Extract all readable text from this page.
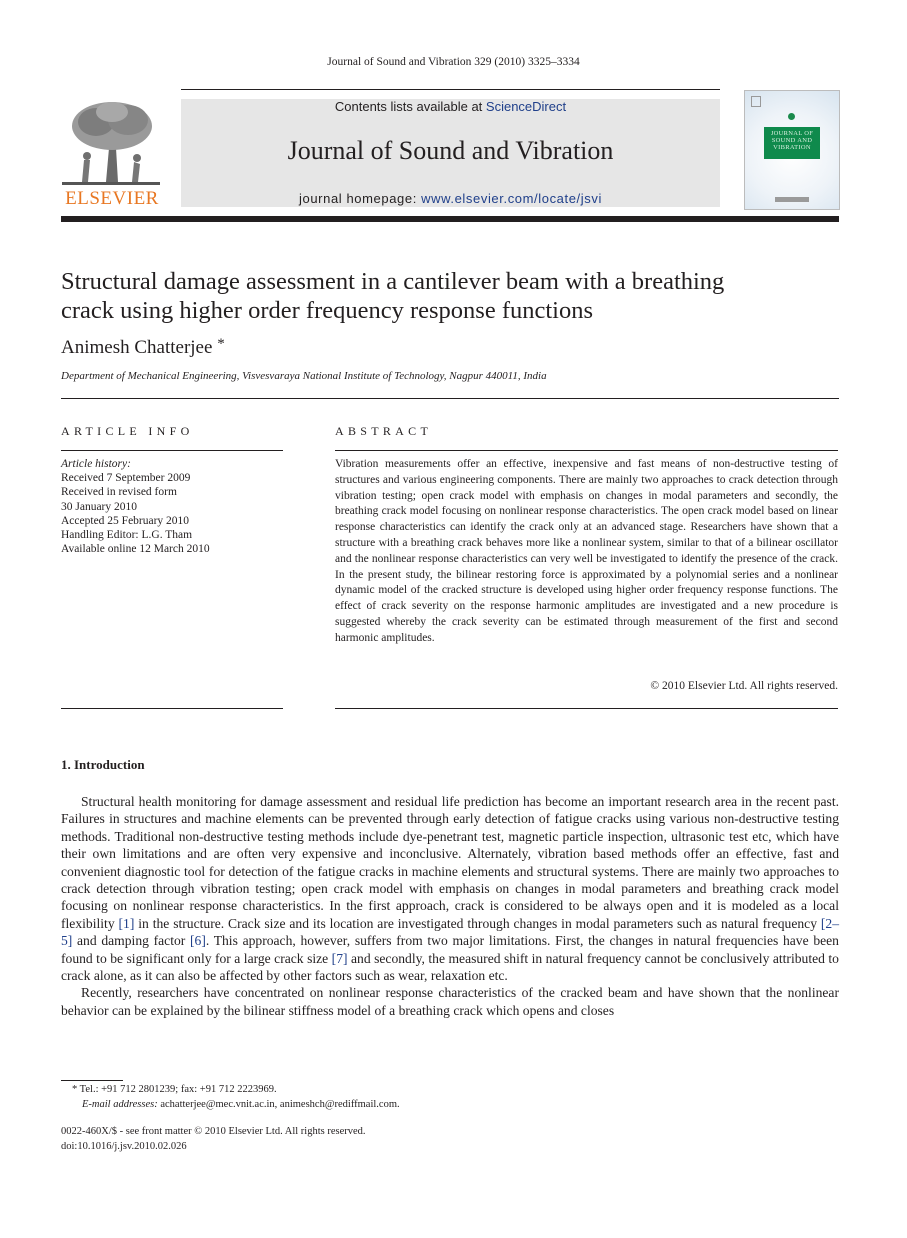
Journal of Sound and Vibration 329 (2010) 3325–3334
ELSEVIER
Contents lists available at ScienceDirect
Journal of Sound and Vibration
journal homepage: www.elsevier.com/locate/jsvi
JOURNAL OF SOUND AND VIBRATION
Structural damage assessment in a cantilever beam with a breathing
crack using higher order frequency response functions
Animesh Chatterjee *
Department of Mechanical Engineering, Visvesvaraya National Institute of Technology, Nagpur 440011, India
ARTICLE INFO
Article history:
Received 7 September 2009
Received in revised form
30 January 2010
Accepted 25 February 2010
Handling Editor: L.G. Tham
Available online 12 March 2010
ABSTRACT
Vibration measurements offer an effective, inexpensive and fast means of non-destructive testing of structures and various engineering components. There are mainly two approaches to crack detection through vibration testing; open crack model with emphasis on changes in modal parameters and secondly, the breathing crack model focusing on nonlinear response characteristics. The open crack model based on linear response characteristics can identify the crack only at an advanced stage. Researchers have shown that a structure with a breathing crack behaves more like a nonlinear system, similar to that of a bilinear oscillator and the nonlinear response characteristics can very well be investigated to identify the presence of the crack. In the present study, the bilinear restoring force is approximated by a polynomial series and a nonlinear dynamic model of the cracked structure is developed using higher order frequency response functions. The effect of crack severity on the response harmonic amplitudes are investigated and a new procedure is suggested whereby the crack severity can be estimated through measurement of the first and second harmonic amplitudes.
© 2010 Elsevier Ltd. All rights reserved.
1. Introduction

Structural health monitoring for damage assessment and residual life prediction has become an important research area in the recent past. Failures in structures and machine elements can be prevented through early detection of fatigue cracks using various non-destructive testing methods. Traditional non-destructive testing methods include dye-penetrant test, magnetic particle inspection, ultrasonic test etc, which have their own limitations and are often very expensive and inconclusive. Alternately, vibration based methods offer an effective, fast and convenient diagnostic tool for detection of the fatigue cracks in machine elements and structural systems. There are mainly two approaches to crack detection through vibration testing; open crack model with emphasis on changes in modal parameters and breathing crack model focusing on nonlinear response characteristics. In the first approach, crack is considered to be always open and it is modeled as a local flexibility [1] in the structure. Crack size and its location are investigated through changes in modal parameters such as natural frequency [2–5] and damping factor [6]. This approach, however, suffers from two major limitations. First, the changes in natural frequencies have been found to be significant only for a large crack size [7] and secondly, the measured shift in natural frequency cannot be conclusively attributed to crack alone, as it can also be affected by other factors such as wear, relaxation etc.

Recently, researchers have concentrated on nonlinear response characteristics of the cracked beam and have shown that the nonlinear behavior can be explained by the bilinear stiffness model of a breathing crack which opens and closes

* Tel.: +91 712 2801239; fax: +91 712 2223969.
E-mail addresses: achatterjee@mec.vnit.ac.in, animeshch@rediffmail.com.
0022-460X/$ - see front matter © 2010 Elsevier Ltd. All rights reserved.
doi:10.1016/j.jsv.2010.02.026
